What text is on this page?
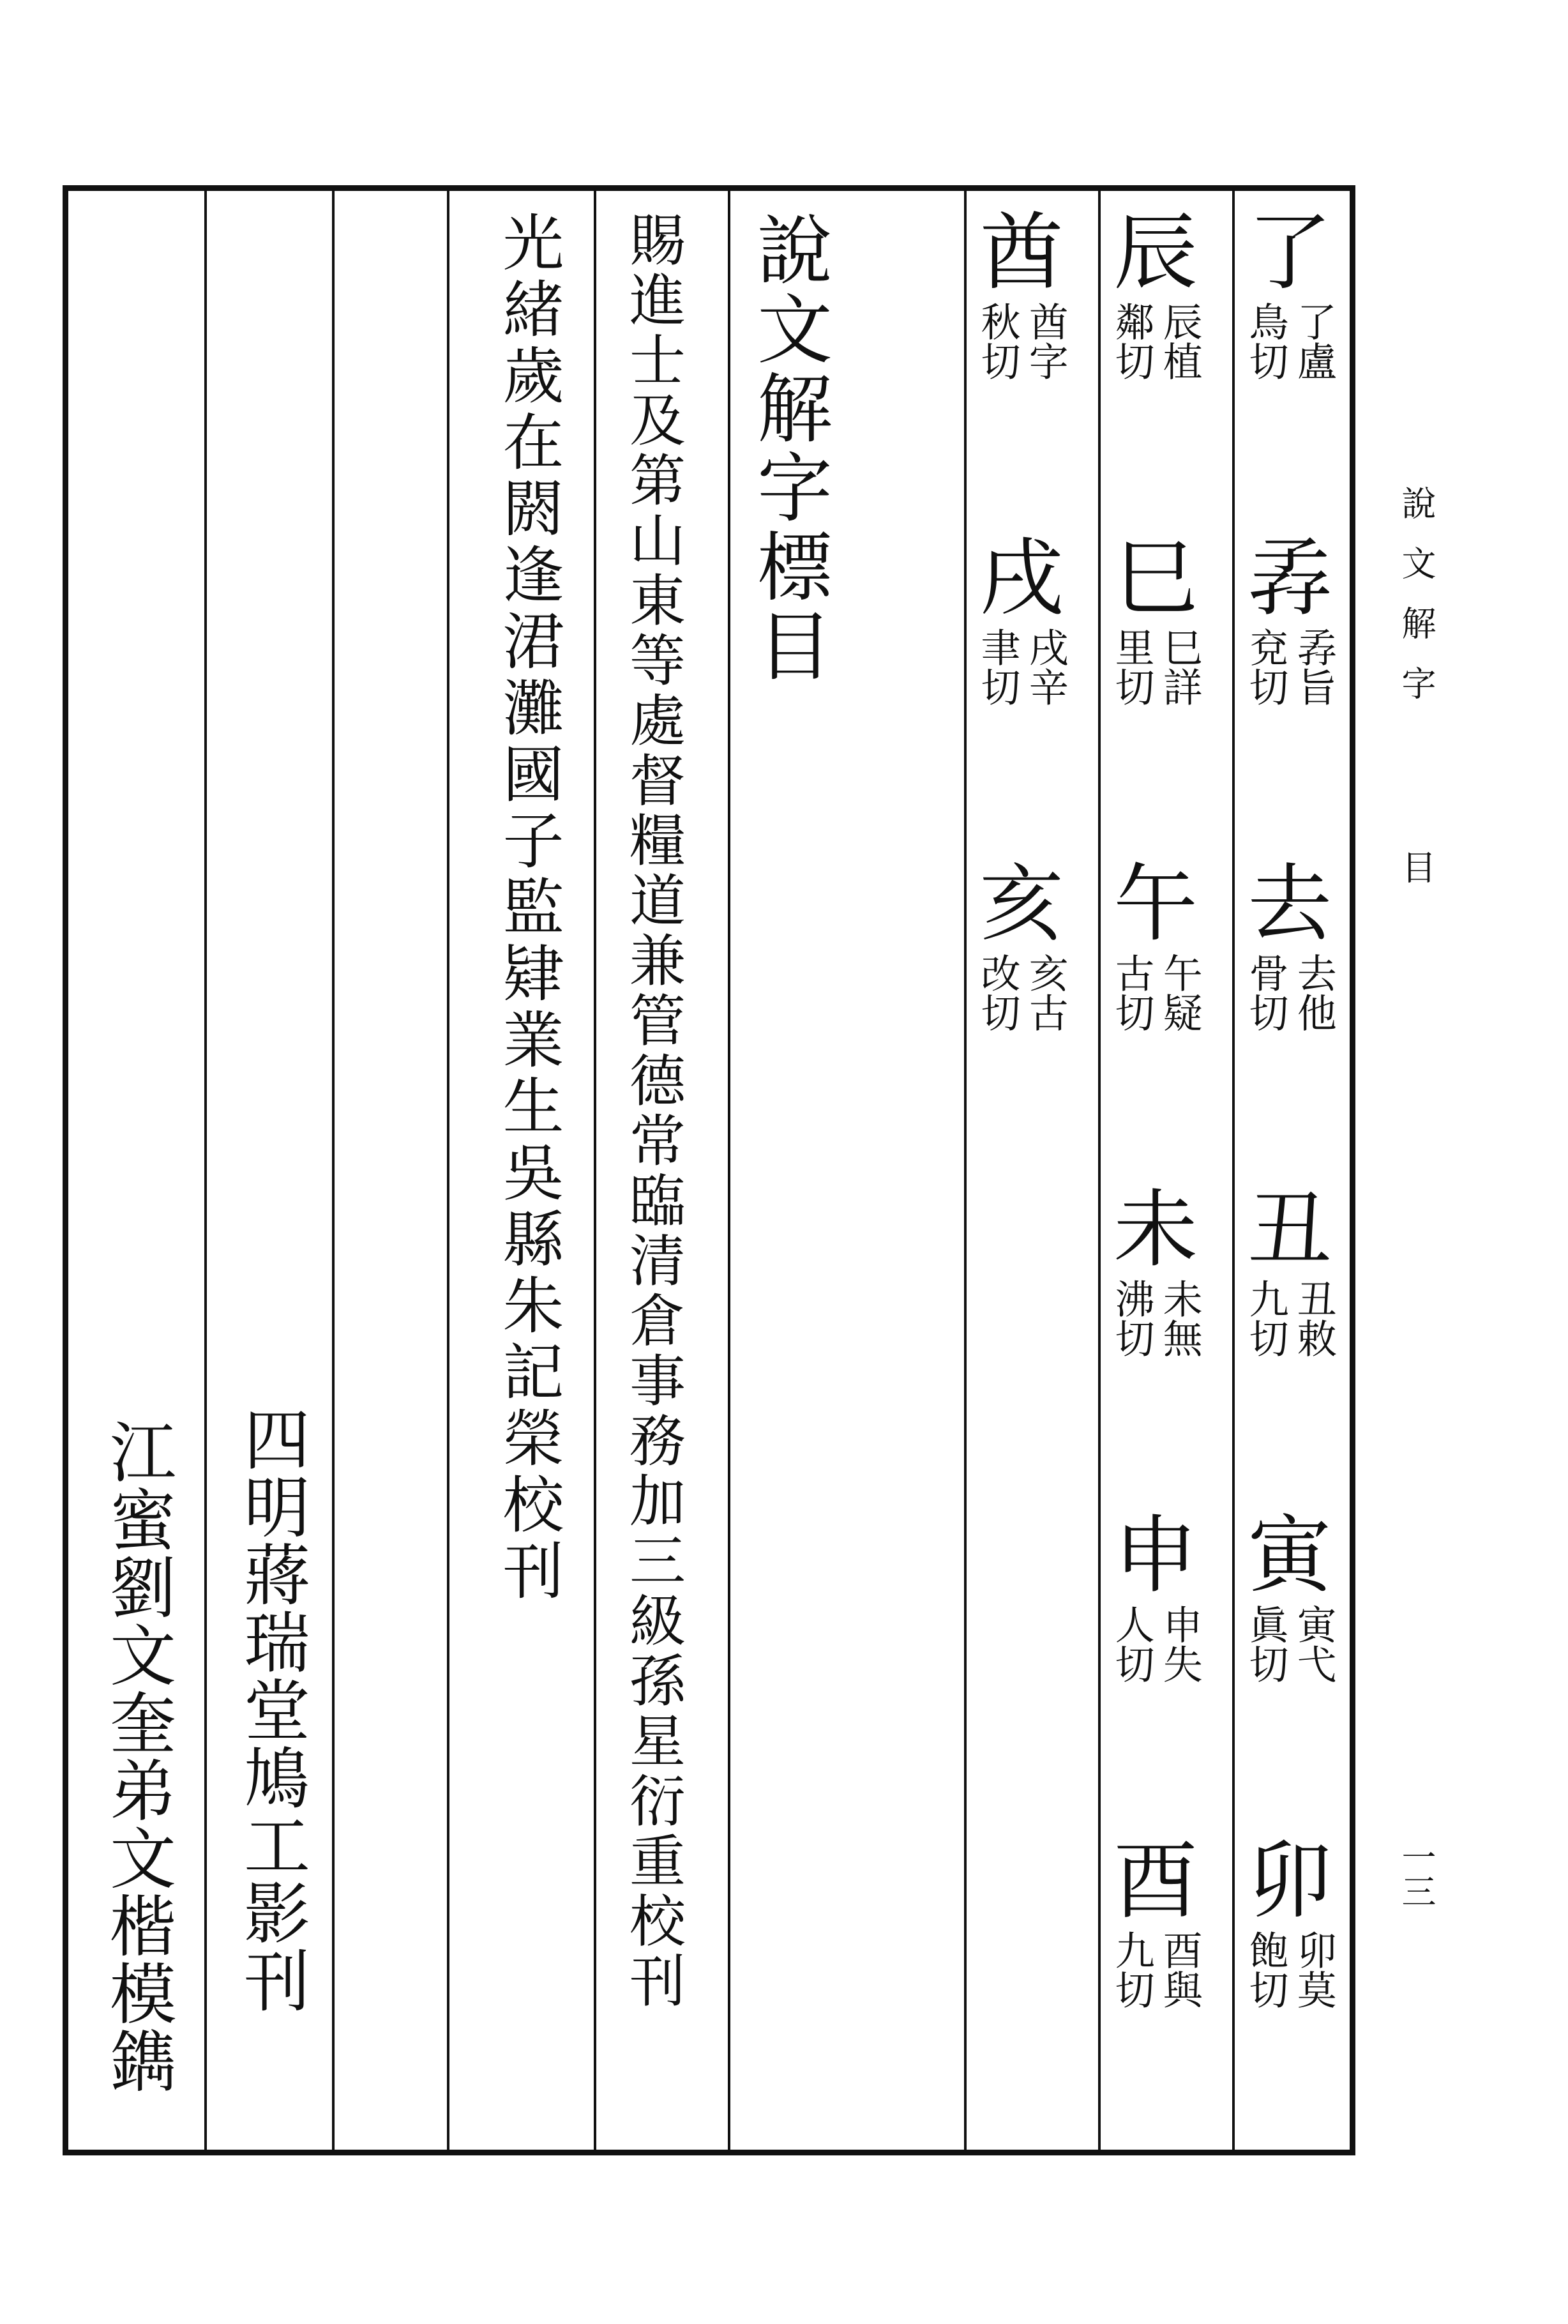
說文解字
目
一三
了
了盧
鳥切
孨
孨旨
兗切
去
去他
骨切
丑
丑敕
九切
寅
寅弋
眞切
卯
卯莫
飽切
辰
辰植
鄰切
巳
巳詳
里切
午
午疑
古切
未
未無
沸切
申
申失
人切
酉
酉與
九切
酋
酋字
秋切
戌
戌辛
聿切
亥
亥古
改切
說文解字標目
賜進士及第山東等處督糧道兼管德常臨清倉事務加三級孫星衍重校刊
光緒歲在閼逢涒灘國子監肄業生吳縣朱記榮校刊
四明蔣瑞堂鳩工影刊
江蜜劉文奎弟文楷模鐫
